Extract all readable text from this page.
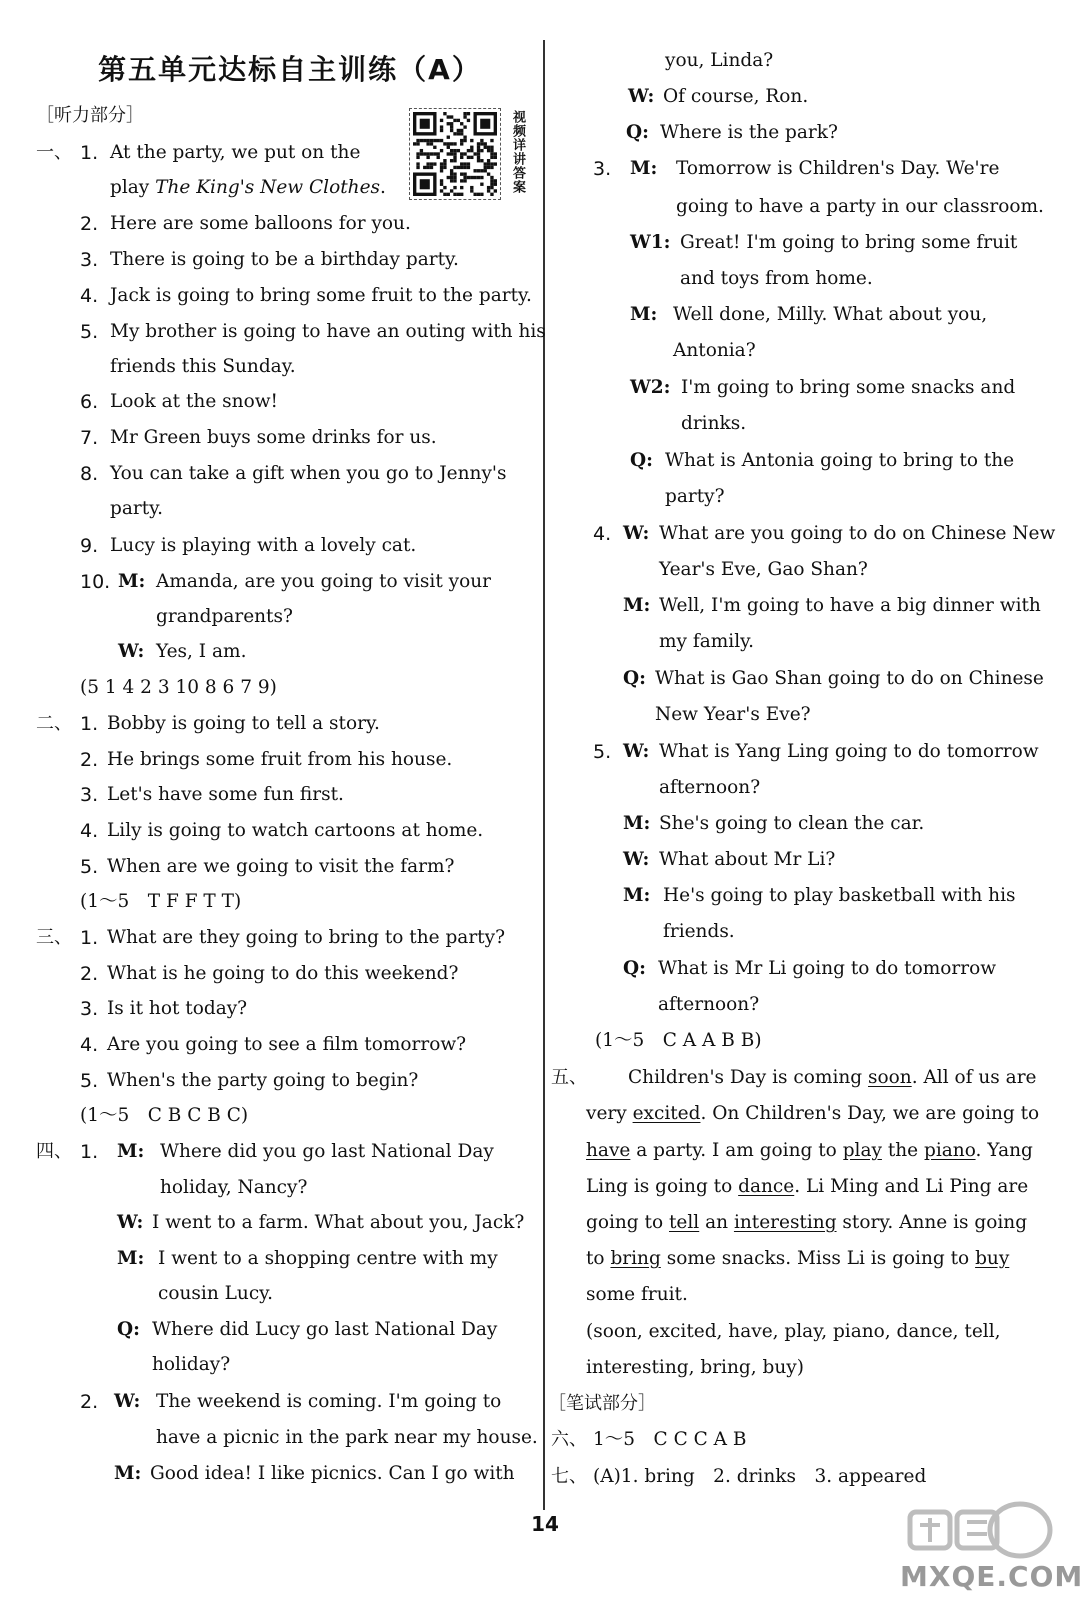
第五单元达标自主训练（A）
视频详讲答案
［听力部分］
一、 1. At the party, we put on the
play The King's New Clothes.
2. Here are some balloons for you.
3. There is going to be a birthday party.
4. Jack is going to bring some fruit to the party.
5. My brother is going to have an outing with his
friends this Sunday.
6. Look at the snow!
7. Mr Green buys some drinks for us.
8. You can take a gift when you go to Jenny's
party.
9. Lucy is playing with a lovely cat.
10. M: Amanda, are you going to visit your
grandparents?
W: Yes, I am.
(5 1 4 2 3 10 8 6 7 9)
二、 1. Bobby is going to tell a story.
2. He brings some fruit from his house.
3. Let's have some fun first.
4. Lily is going to watch cartoons at home.
5. When are we going to visit the farm?
(1～5　T F F T T)
三、 1. What are they going to bring to the party?
2. What is he going to do this weekend?
3. Is it hot today?
4. Are you going to see a film tomorrow?
5. When's the party going to begin?
(1～5　C B C B C)
四、 1. M: Where did you go last National Day
holiday, Nancy?
W: I went to a farm. What about you, Jack?
M: I went to a shopping centre with my
cousin Lucy.
Q: Where did Lucy go last National Day
holiday?
2. W: The weekend is coming. I'm going to
have a picnic in the park near my house.
M: Good idea! I like picnics. Can I go with
you, Linda?
W: Of course, Ron.
Q: Where is the park?
3. M: Tomorrow is Children's Day. We're
going to have a party in our classroom.
W1: Great! I'm going to bring some fruit
and toys from home.
M: Well done, Milly. What about you,
Antonia?
W2: I'm going to bring some snacks and
drinks.
Q: What is Antonia going to bring to the
party?
4. W: What are you going to do on Chinese New
Year's Eve, Gao Shan?
M: Well, I'm going to have a big dinner with
my family.
Q: What is Gao Shan going to do on Chinese
New Year's Eve?
5. W: What is Yang Ling going to do tomorrow
afternoon?
M: She's going to clean the car.
W: What about Mr Li?
M: He's going to play basketball with his
friends.
Q: What is Mr Li going to do tomorrow
afternoon?
(1～5　C A A B B)
五、 Children's Day is coming soon. All of us are
very excited. On Children's Day, we are going to
have a party. I am going to play the piano. Yang
Ling is going to dance. Li Ming and Li Ping are
going to tell an interesting story. Anne is going
to bring some snacks. Miss Li is going to buy
some fruit.
(soon, excited, have, play, piano, dance, tell,
interesting, bring, buy)
［笔试部分］
六、 1～5　C C C A B
七、 (A)1. bring　2. drinks　3. appeared
14
MXQE.COM
